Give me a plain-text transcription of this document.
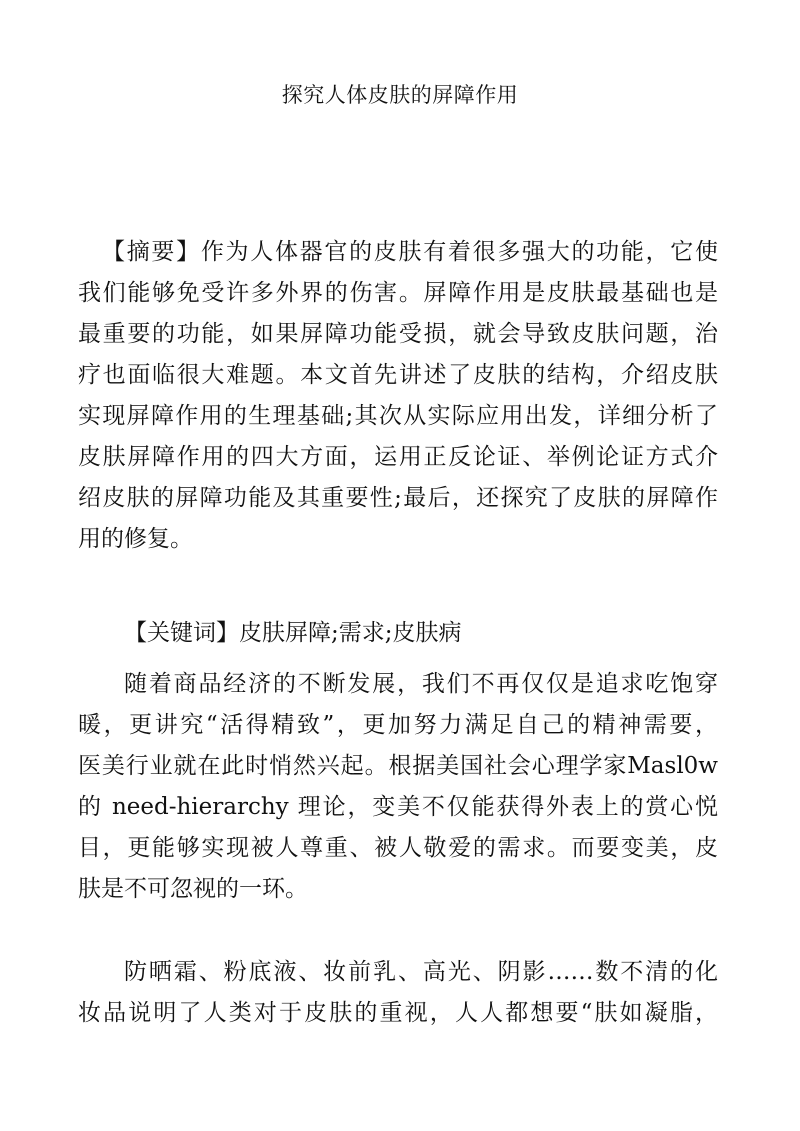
探究人体皮肤的屏障作用
【摘要】作为人体器官的皮肤有着很多强大的功能，它使
我们能够免受许多外界的伤害。屏障作用是皮肤最基础也是
最重要的功能，如果屏障功能受损，就会导致皮肤问题，治
疗也面临很大难题。本文首先讲述了皮肤的结构，介绍皮肤
实现屏障作用的生理基础;其次从实际应用出发，详细分析了
皮肤屏障作用的四大方面，运用正反论证、举例论证方式介
绍皮肤的屏障功能及其重要性;最后，还探究了皮肤的屏障作
用的修复。
【关键词】皮肤屏障;需求;皮肤病
随着商品经济的不断发展，我们不再仅仅是追求吃饱穿
暖，更讲究“活得精致”，更加努力满足自己的精神需要，
医美行业就在此时悄然兴起。根据美国社会心理学家Masl0w
的 need-hierarchy 理论，变美不仅能获得外表上的赏心悦
目，更能够实现被人尊重、被人敬爱的需求。而要变美，皮
肤是不可忽视的一环。
防晒霜、粉底液、妆前乳、高光、阴影……数不清的化
妆品说明了人类对于皮肤的重视，人人都想要“肤如凝脂，
